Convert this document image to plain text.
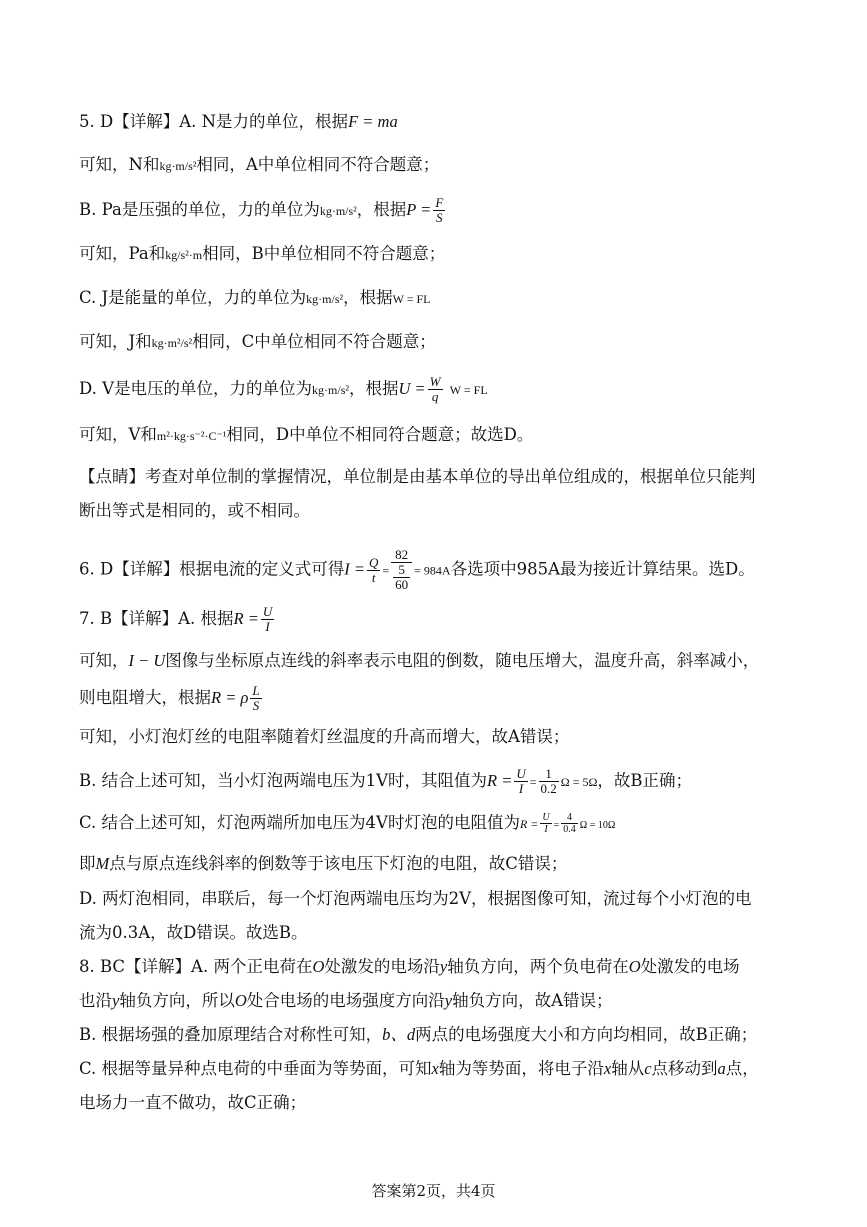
5. D【详解】A. N是力的单位，根据F = ma
可知，N和kg·m/s²相同，A中单位相同不符合题意；
B. Pa是压强的单位，力的单位为kg·m/s²，根据$P = \frac{F}{S}$
可知，Pa和kg/s²·m相同，B中单位相同不符合题意；
C. J是能量的单位，力的单位为kg·m/s²，根据W = FL
可知，J和kg·m²/s²相同，C中单位相同不符合题意；
D. V是电压的单位，力的单位为kg·m/s²，根据$U = \frac{W}{q}$ W = FL
可知，V和m²·kg·s⁻²·C⁻¹相同，D中单位不相同符合题意；故选D。
【点睛】考查对单位制的掌握情况，单位制是由基本单位的导出单位组成的，根据单位只能判
断出等式是相同的，或不相同。
6. D【详解】根据电流的定义式可得$I = \frac{Q}{t} = \frac{82}{\frac{5}{60}} = 984A$各选项中985A最为接近计算结果。选D。
7. B【详解】A. 根据$R = \frac{U}{I}$
可知，I − U图像与坐标原点连线的斜率表示电阻的倒数，随电压增大，温度升高，斜率减小，
则电阻增大，根据R = ρ $\frac{L}{S}$
可知，小灯泡灯丝的电阻率随着灯丝温度的升高而增大，故A错误；
B. 结合上述可知，当小灯泡两端电压为1V时，其阻值为$R = \frac{U}{I} = \frac{1}{0.2}$ Ω = 5Ω，故B正确；
C. 结合上述可知，灯泡两端所加电压为4V时灯泡的电阻值为$R = \frac{U}{I} = \frac{4}{0.4}$ Ω = 10Ω
即M点与原点连线斜率的倒数等于该电压下灯泡的电阻，故C错误；
D. 两灯泡相同，串联后，每一个灯泡两端电压均为2V，根据图像可知，流过每个小灯泡的电
流为0.3A，故D错误。故选B。
8. BC【详解】A. 两个正电荷在O处激发的电场沿y轴负方向，两个负电荷在O处激发的电场
也沿y轴负方向，所以O处合电场的电场强度方向沿y轴负方向，故A错误；
B. 根据场强的叠加原理结合对称性可知，b、d两点的电场强度大小和方向均相同，故B正确；
C. 根据等量异种点电荷的中垂面为等势面，可知x轴为等势面，将电子沿x轴从c点移动到a点，
电场力一直不做功，故C正确；
答案第2页，共4页
